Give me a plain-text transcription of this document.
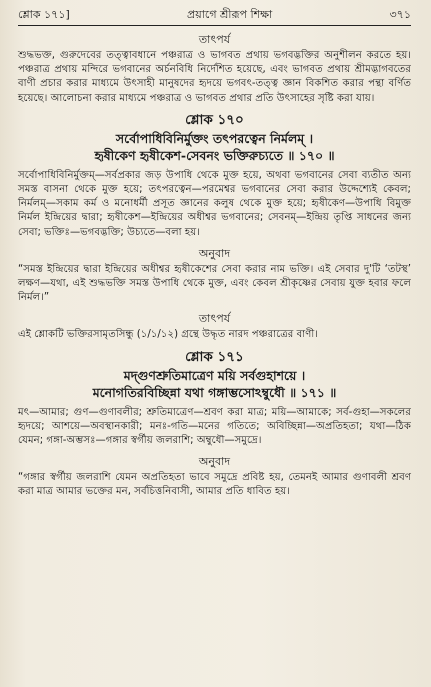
শ্লোক ১৭১]	প্রয়াগে শ্রীরূপ শিক্ষা	৩৭১
তাৎপর্য

শুদ্ধভক্ত, গুরুদেবের তত্ত্বাবধানে পঞ্চরাত্র ও ভাগবত প্রথায় ভগবদ্ভক্তির অনুশীলন করতে হয়। পঞ্চরাত্র প্রথায় মন্দিরে ভগবানের অর্চনবিধি নির্দেশিত হয়েছে, এবং ভাগবত প্রথায় শ্রীমদ্ভাগবতের বাণী প্রচার করার মাধ্যমে উৎসাহী মানুষদের হৃদয়ে ভগবৎ-তত্ত্ব জ্ঞান বিকশিত করার পন্থা বর্ণিত হয়েছে। আলোচনা করার মাধ্যমে পঞ্চরাত্র ও ভাগবত প্রথার প্রতি উৎসাহের সৃষ্টি করা যায়।

শ্লোক ১৭০

সর্বোপাধিবিনির্মুক্তং তৎপরত্বেন নির্মলম্‌ ।

হৃষীকেণ হৃষীকেশ-সেবনং ভক্তিরুচ্যতে ॥ ১৭০ ॥

সর্বোপাধিবিনির্মুক্তম্‌—সর্বপ্রকার জড় উপাধি থেকে মুক্ত হয়ে, অথবা ভগবানের সেবা ব্যতীত অন্য সমস্ত বাসনা থেকে মুক্ত হয়ে; তৎপরত্বেন—পরমেশ্বর ভগবানের সেবা করার উদ্দেশ্যেই কেবল; নির্মলম্‌—সকাম কর্ম ও মনোধর্মী প্রসূত জ্ঞানের কলুষ থেকে মুক্ত হয়ে; হৃষীকেণ—উপাধি বিমুক্ত নির্মল ইন্দ্রিয়ের দ্বারা; হৃষীকেশ—ইন্দ্রিয়ের অধীশ্বর ভগবানের; সেবনম্‌—ইন্দ্রিয় তৃপ্তি সাধনের জন্য সেবা; ভক্তিঃ—ভগবদ্ভক্তি; উচ্যতে—বলা হয়।

অনুবাদ

“সমস্ত ইন্দ্রিয়ের দ্বারা ইন্দ্রিয়ের অধীশ্বর হৃষীকেশের সেবা করার নাম ভক্তি। এই সেবার দু'টি ‘তটস্থ’ লক্ষণ—যথা, এই শুদ্ধভক্তি সমস্ত উপাধি থেকে মুক্ত, এবং কেবল শ্রীকৃষ্ণের সেবায় যুক্ত হবার ফলে নির্মল।”

তাৎপর্য

এই শ্লোকটি ভক্তিরসামৃতসিন্ধু (১/১/১২) গ্রন্থে উদ্ধৃত নারদ পঞ্চরাত্রের বাণী।

শ্লোক ১৭১

মদ্‌গুণশ্রুতিমাত্রেণ ময়ি সর্বগুহাশয়ে ।

মনোগতিরবিচ্ছিন্না যথা গঙ্গাম্ভসোঽম্বুধৌ ॥ ১৭১ ॥

মৎ—আমার; গুণ—গুণাবলীর; শ্রুতিমাত্রেণ—শ্রবণ করা মাত্র; ময়ি—আমাকে; সর্ব-গুহা—সকলের হৃদয়ে; আশয়ে—অবস্থানকারী; মনঃ-গতি—মনের গতিতে; অবিচ্ছিন্না—অপ্রতিহতা; যথা—ঠিক যেমন; গঙ্গা-অম্ভসঃ—গঙ্গার স্বর্গীয় জলরাশি; অম্বুধৌ—সমুদ্রে।

অনুবাদ

“গঙ্গার স্বর্গীয় জলরাশি যেমন অপ্রতিহতা ভাবে সমুদ্রে প্রবিষ্ট হয়, তেমনই আমার গুণাবলী শ্রবণ করা মাত্র আমার ভক্তের মন, সর্বচিত্তনিবাসী, আমার প্রতি ধাবিত হয়।
